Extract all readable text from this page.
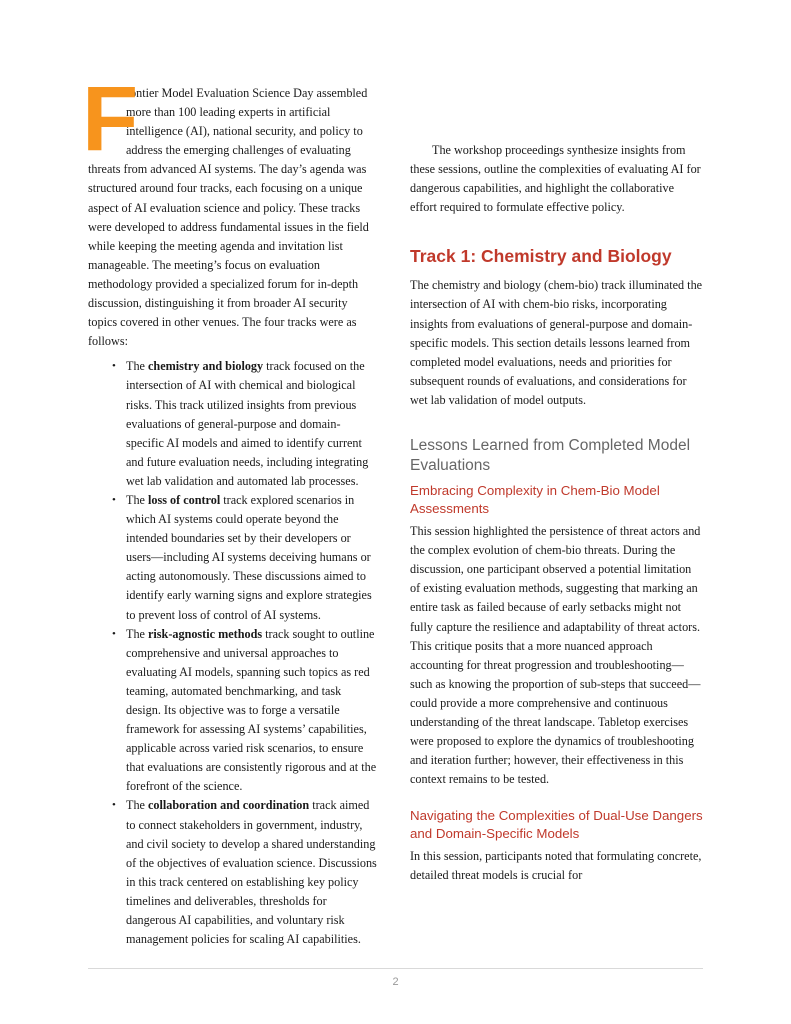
F
rontier Model Evaluation Science Day assembled more than 100 leading experts in artificial intelligence (AI), national security, and policy to address the emerging challenges of evaluating threats from advanced AI systems. The day’s agenda was structured around four tracks, each focusing on a unique aspect of AI evaluation science and policy. These tracks were developed to address fundamental issues in the field while keeping the meeting agenda and invitation list manageable. The meeting’s focus on evaluation methodology provided a specialized forum for in-depth discussion, distinguishing it from broader AI security topics covered in other venues. The four tracks were as follows:

• The chemistry and biology track focused on the intersection of AI with chemical and biological risks. This track utilized insights from previous evaluations of general-purpose and domain-specific AI models and aimed to identify current and future evaluation needs, including integrating wet lab validation and automated lab processes.
• The loss of control track explored scenarios in which AI systems could operate beyond the intended boundaries set by their developers or users—including AI systems deceiving humans or acting autonomously. These discussions aimed to identify early warning signs and explore strategies to prevent loss of control of AI systems.
• The risk-agnostic methods track sought to outline comprehensive and universal approaches to evaluating AI models, spanning such topics as red teaming, automated benchmarking, and task design. Its objective was to forge a versatile framework for assessing AI systems’ capabilities, applicable across varied risk scenarios, to ensure that evaluations are consistently rigorous and at the forefront of the science.
• The collaboration and coordination track aimed to connect stakeholders in government, industry, and civil society to develop a shared understanding of the objectives of evaluation science. Discussions in this track centered on establishing key policy timelines and deliverables, thresholds for dangerous AI capabilities, and voluntary risk management policies for scaling AI capabilities.

The workshop proceedings synthesize insights from these sessions, outline the complexities of evaluating AI for dangerous capabilities, and highlight the collaborative effort required to formulate effective policy.

Track 1: Chemistry and Biology

The chemistry and biology (chem-bio) track illuminated the intersection of AI with chem-bio risks, incorporating insights from evaluations of general-purpose and domain-specific models. This section details lessons learned from completed model evaluations, needs and priorities for subsequent rounds of evaluations, and considerations for wet lab validation of model outputs.

Lessons Learned from Completed Model Evaluations
Embracing Complexity in Chem-Bio Model Assessments

This session highlighted the persistence of threat actors and the complex evolution of chem-bio threats. During the discussion, one participant observed a potential limitation of existing evaluation methods, suggesting that marking an entire task as failed because of early setbacks might not fully capture the resilience and adaptability of threat actors. This critique posits that a more nuanced approach accounting for threat progression and troubleshooting—such as knowing the proportion of sub-steps that succeed—could provide a more comprehensive and continuous understanding of the threat landscape. Tabletop exercises were proposed to explore the dynamics of troubleshooting and iteration further; however, their effectiveness in this context remains to be tested.

Navigating the Complexities of Dual-Use Dangers and Domain-Specific Models

In this session, participants noted that formulating concrete, detailed threat models is crucial for

2
